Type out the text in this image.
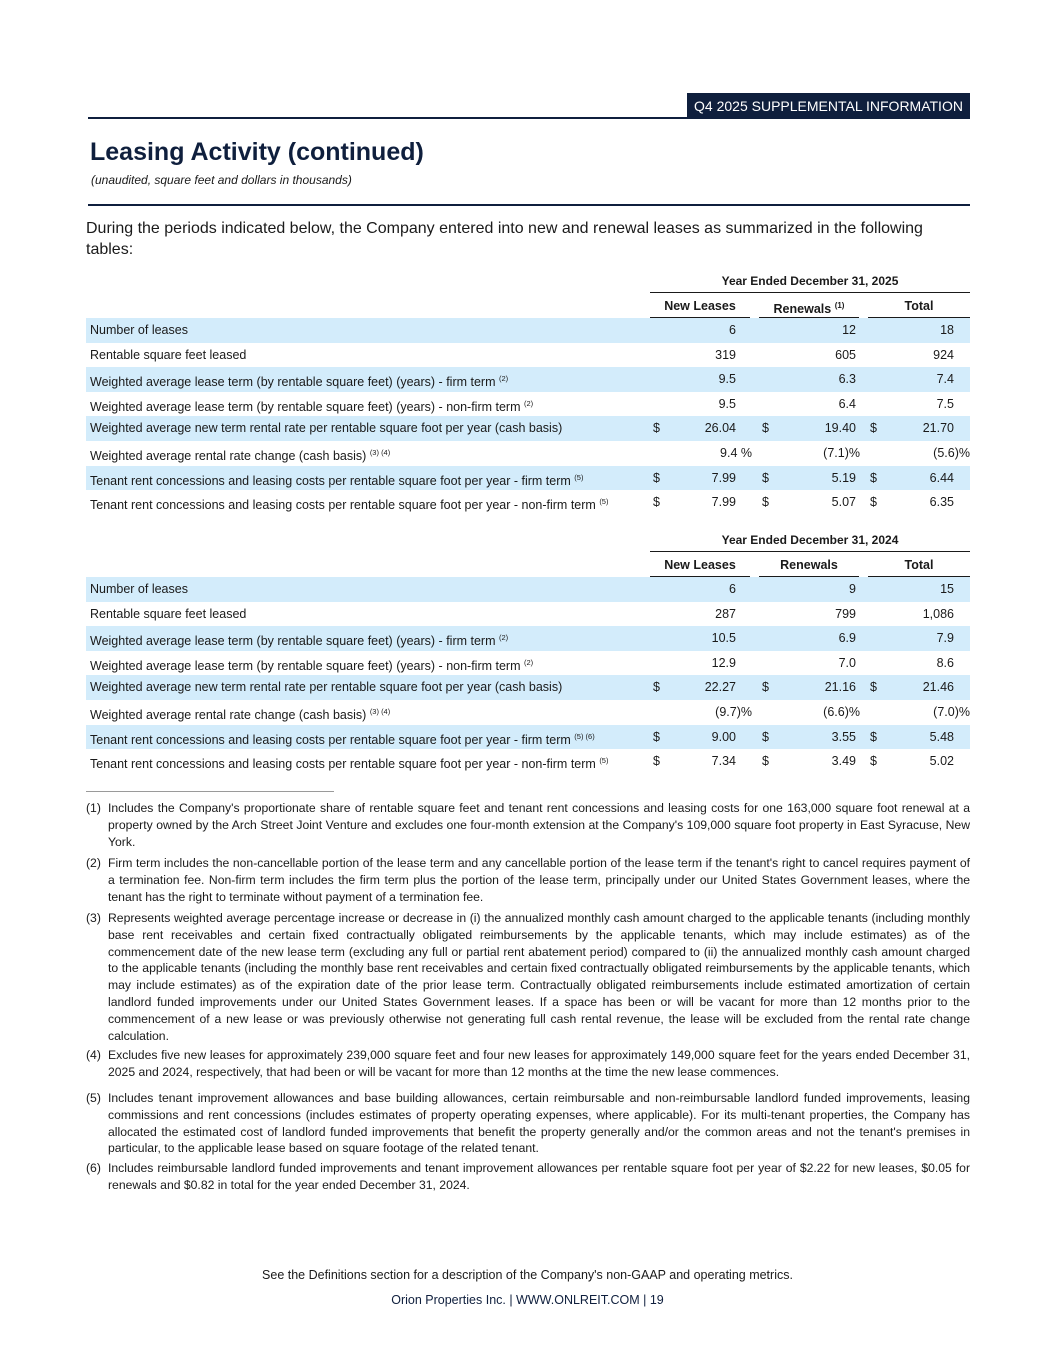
Q4 2025 SUPPLEMENTAL INFORMATION
Leasing Activity (continued)
(unaudited, square feet and dollars in thousands)
During the periods indicated below, the Company entered into new and renewal leases as summarized in the following tables:
Year Ended December 31, 2025
New Leases	Renewals $^{(1)}$	Total
Number of leases	6	12	18
Rentable square feet leased	319	605	924
Weighted average lease term (by rentable square feet) (years) - firm term $^{(2)}$	9.5	6.3	7.4
Weighted average lease term (by rentable square feet) (years) - non-firm term $^{(2)}$	9.5	6.4	7.5
Weighted average new term rental rate per rentable square foot per year (cash basis)	$	26.04 $	19.40 $	21.70
Weighted average rental rate change (cash basis) $^{(3) (4)}$	9.4 %	(7.1)%	(5.6)%
Tenant rent concessions and leasing costs per rentable square foot per year - firm term $^{(5)}$	$	7.99 $	5.19 $	6.44
Tenant rent concessions and leasing costs per rentable square foot per year - non-firm term $^{(5)}$	$	7.99 $	5.07 $	6.35
Year Ended December 31, 2024
New Leases	Renewals	Total
Number of leases	6	9	15
Rentable square feet leased	287	799	1,086
Weighted average lease term (by rentable square feet) (years) - firm term $^{(2)}$	10.5	6.9	7.9
Weighted average lease term (by rentable square feet) (years) - non-firm term $^{(2)}$	12.9	7.0	8.6
Weighted average new term rental rate per rentable square foot per year (cash basis)	$	22.27 $	21.16 $	21.46
Weighted average rental rate change (cash basis) $^{(3) (4)}$	(9.7)%	(6.6)%	(7.0)%
Tenant rent concessions and leasing costs per rentable square foot per year - firm term $^{(5) (6)}$	$	9.00 $	3.55 $	5.48
Tenant rent concessions and leasing costs per rentable square foot per year - non-firm term $^{(5)}$	$	7.34 $	3.49 $	5.02
(1) Includes the Company's proportionate share of rentable square feet and tenant rent concessions and leasing costs for one 163,000 square foot renewal at a property owned by the Arch Street Joint Venture and excludes one four-month extension at the Company's 109,000 square foot property in East Syracuse, New York.
(2) Firm term includes the non-cancellable portion of the lease term and any cancellable portion of the lease term if the tenant's right to cancel requires payment of a termination fee. Non-firm term includes the firm term plus the portion of the lease term, principally under our United States Government leases, where the tenant has the right to terminate without payment of a termination fee.
(3) Represents weighted average percentage increase or decrease in (i) the annualized monthly cash amount charged to the applicable tenants (including monthly base rent receivables and certain fixed contractually obligated reimbursements by the applicable tenants, which may include estimates) as of the commencement date of the new lease term (excluding any full or partial rent abatement period) compared to (ii) the annualized monthly cash amount charged to the applicable tenants (including the monthly base rent receivables and certain fixed contractually obligated reimbursements by the applicable tenants, which may include estimates) as of the expiration date of the prior lease term. Contractually obligated reimbursements include estimated amortization of certain landlord funded improvements under our United States Government leases. If a space has been or will be vacant for more than 12 months prior to the commencement of a new lease or was previously otherwise not generating full cash rental revenue, the lease will be excluded from the rental rate change calculation.
(4) Excludes five new leases for approximately 239,000 square feet and four new leases for approximately 149,000 square feet for the years ended December 31, 2025 and 2024, respectively, that had been or will be vacant for more than 12 months at the time the new lease commences.
(5) Includes tenant improvement allowances and base building allowances, certain reimbursable and non-reimbursable landlord funded improvements, leasing commissions and rent concessions (includes estimates of property operating expenses, where applicable). For its multi-tenant properties, the Company has allocated the estimated cost of landlord funded improvements that benefit the property generally and/or the common areas and not the tenant's premises in particular, to the applicable lease based on square footage of the related tenant.
(6) Includes reimbursable landlord funded improvements and tenant improvement allowances per rentable square foot per year of $2.22 for new leases, $0.05 for renewals and $0.82 in total for the year ended December 31, 2024.
See the Definitions section for a description of the Company's non-GAAP and operating metrics.
Orion Properties Inc. | WWW.ONLREIT.COM | 19
